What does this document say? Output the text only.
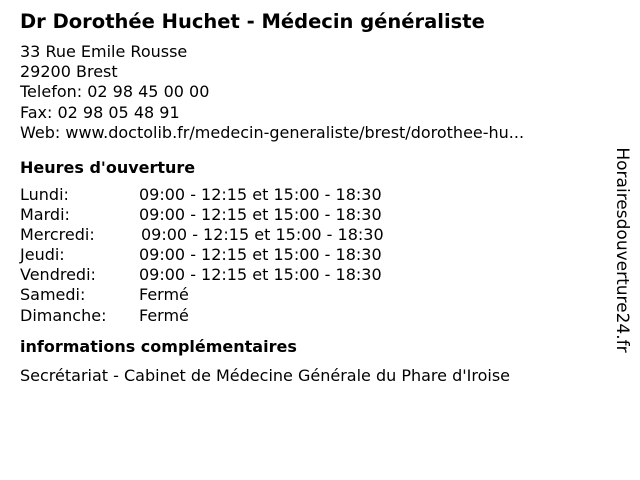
Dr Dorothée Huchet - Médecin généraliste
33 Rue Emile Rousse
29200 Brest
Telefon: 02 98 45 00 00
Fax: 02 98 05 48 91
Web: www.doctolib.fr/medecin-generaliste/brest/dorothee-hu...
Heures d'ouverture
Lundi:	09:00 - 12:15 et 15:00 - 18:30
Mardi:	09:00 - 12:15 et 15:00 - 18:30
Mercredi:	09:00 - 12:15 et 15:00 - 18:30
Jeudi:	09:00 - 12:15 et 15:00 - 18:30
Vendredi:	09:00 - 12:15 et 15:00 - 18:30
Samedi:	Fermé
Dimanche:	Fermé
informations complémentaires
Secrétariat - Cabinet de Médecine Générale du Phare d'Iroise
Horairesdouverture24.fr
